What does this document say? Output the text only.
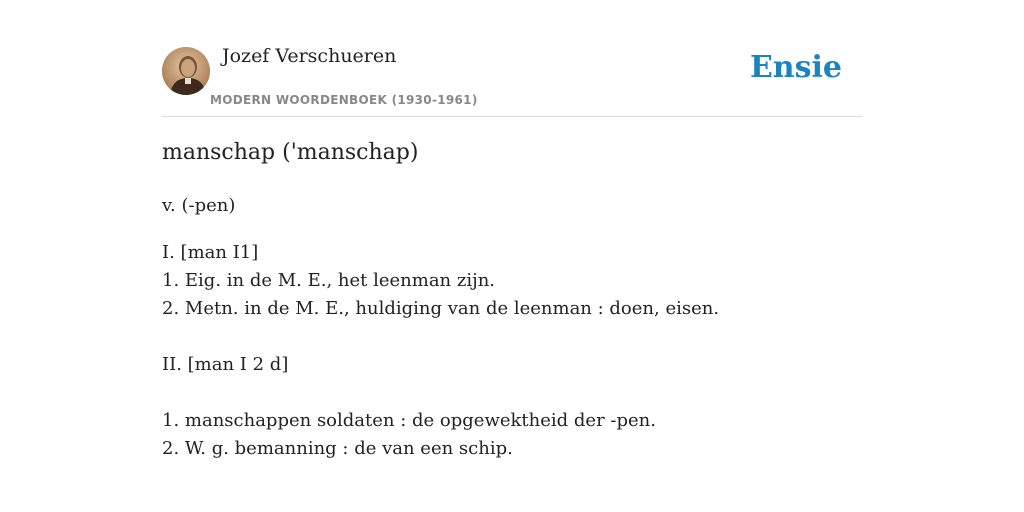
Jozef Verschueren
MODERN WOORDENBOEK (1930-1961)
Ensie
manschap ('manschap)
v. (-pen)
I. [man I1]
1. Eig. in de M. E., het leenman zijn.
2. Metn. in de M. E., huldiging van de leenman : doen, eisen.
II. [man I 2 d]
1. manschappen soldaten : de opgewektheid der -pen.
2. W. g. bemanning : de van een schip.
